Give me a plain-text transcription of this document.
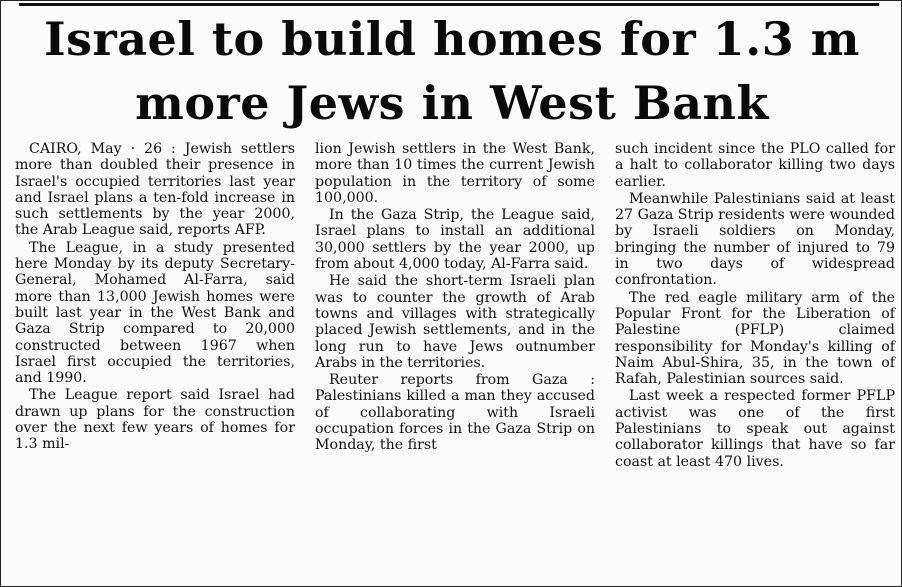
Israel to build homes for 1.3 m
more Jews in West Bank

CAIRO, May · 26 : Jewish settlers more than doubled their presence in Israel's occupied territories last year and Israel plans a ten-fold increase in such settlements by the year 2000, the Arab League said, reports AFP.

The League, in a study presented here Monday by its deputy Secretary-General, Mohamed Al-Farra, said more than 13,000 Jewish homes were built last year in the West Bank and Gaza Strip compared to 20,000 constructed between 1967 when Israel first occupied the territories, and 1990.

The League report said Israel had drawn up plans for the construction over the next few years of homes for 1.3 mil-

lion Jewish settlers in the West Bank, more than 10 times the current Jewish population in the territory of some 100,000.

In the Gaza Strip, the League said, Israel plans to install an additional 30,000 settlers by the year 2000, up from about 4,000 today, Al-Farra said.

He said the short-term Israeli plan was to counter the growth of Arab towns and villages with strategically placed Jewish settlements, and in the long run to have Jews outnumber Arabs in the territories.

Reuter reports from Gaza : Palestinians killed a man they accused of collaborating with Israeli occupation forces in the Gaza Strip on Monday, the first

such incident since the PLO called for a halt to collaborator killing two days earlier.

Meanwhile Palestinians said at least 27 Gaza Strip residents were wounded by Israeli soldiers on Monday, bringing the number of injured to 79 in two days of widespread confrontation.

The red eagle military arm of the Popular Front for the Liberation of Palestine (PFLP) claimed responsibility for Monday's killing of Naim Abul-Shira, 35, in the town of Rafah, Palestinian sources said.

Last week a respected former PFLP activist was one of the first Palestinians to speak out against collaborator killings that have so far coast at least 470 lives.
